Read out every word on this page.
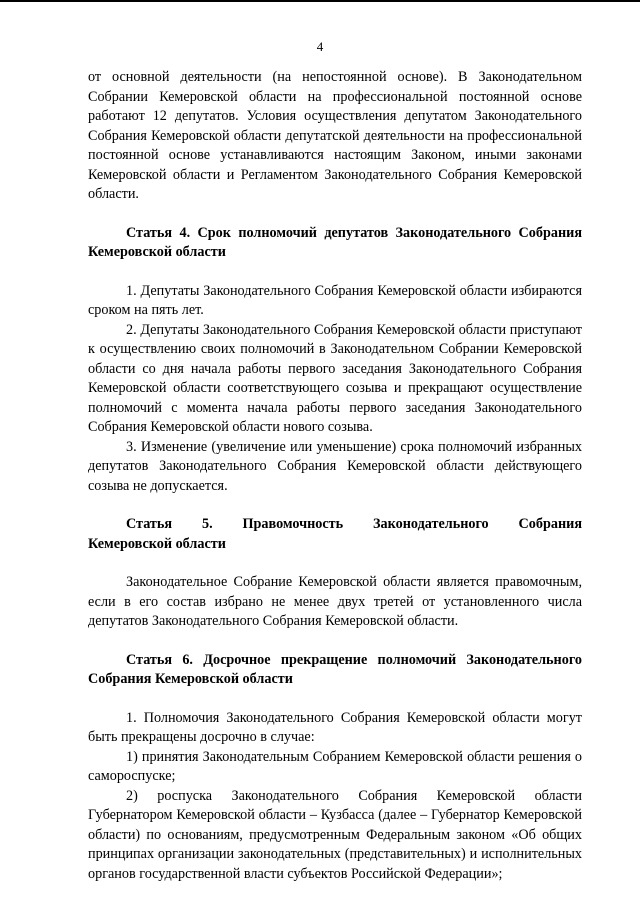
4

от основной деятельности (на непостоянной основе). В Законодательном Собрании Кемеровской области на профессиональной постоянной основе работают 12 депутатов. Условия осуществления депутатом Законодательного Собрания Кемеровской области депутатской деятельности на профессиональной постоянной основе устанавливаются настоящим Законом, иными законами Кемеровской области и Регламентом Законодательного Собрания Кемеровской области.

Статья 4. Срок полномочий депутатов Законодательного Собрания

Кемеровской области

1. Депутаты Законодательного Собрания Кемеровской области избираются сроком на пять лет.

2. Депутаты Законодательного Собрания Кемеровской области приступают к осуществлению своих полномочий в Законодательном Собрании Кемеровской области со дня начала работы первого заседания Законодательного Собрания Кемеровской области соответствующего созыва и прекращают осуществление полномочий с момента начала работы первого заседания Законодательного Собрания Кемеровской области нового созыва.

3. Изменение (увеличение или уменьшение) срока полномочий избранных депутатов Законодательного Собрания Кемеровской области действующего созыва не допускается.

Статья 5. Правомочность Законодательного Собрания

Кемеровской области

Законодательное Собрание Кемеровской области является правомочным, если в его состав избрано не менее двух третей от установленного числа депутатов Законодательного Собрания Кемеровской области.

Статья 6. Досрочное прекращение полномочий Законодательного

Собрания Кемеровской области

1. Полномочия Законодательного Собрания Кемеровской области могут быть прекращены досрочно в случае:

1) принятия Законодательным Собранием Кемеровской области решения о самороспуске;

2) роспуска Законодательного Собрания Кемеровской области Губернатором Кемеровской области – Кузбасса (далее – Губернатор Кемеровской области) по основаниям, предусмотренным Федеральным законом «Об общих принципах организации законодательных (представительных) и исполнительных органов государственной власти субъектов Российской Федерации»;
